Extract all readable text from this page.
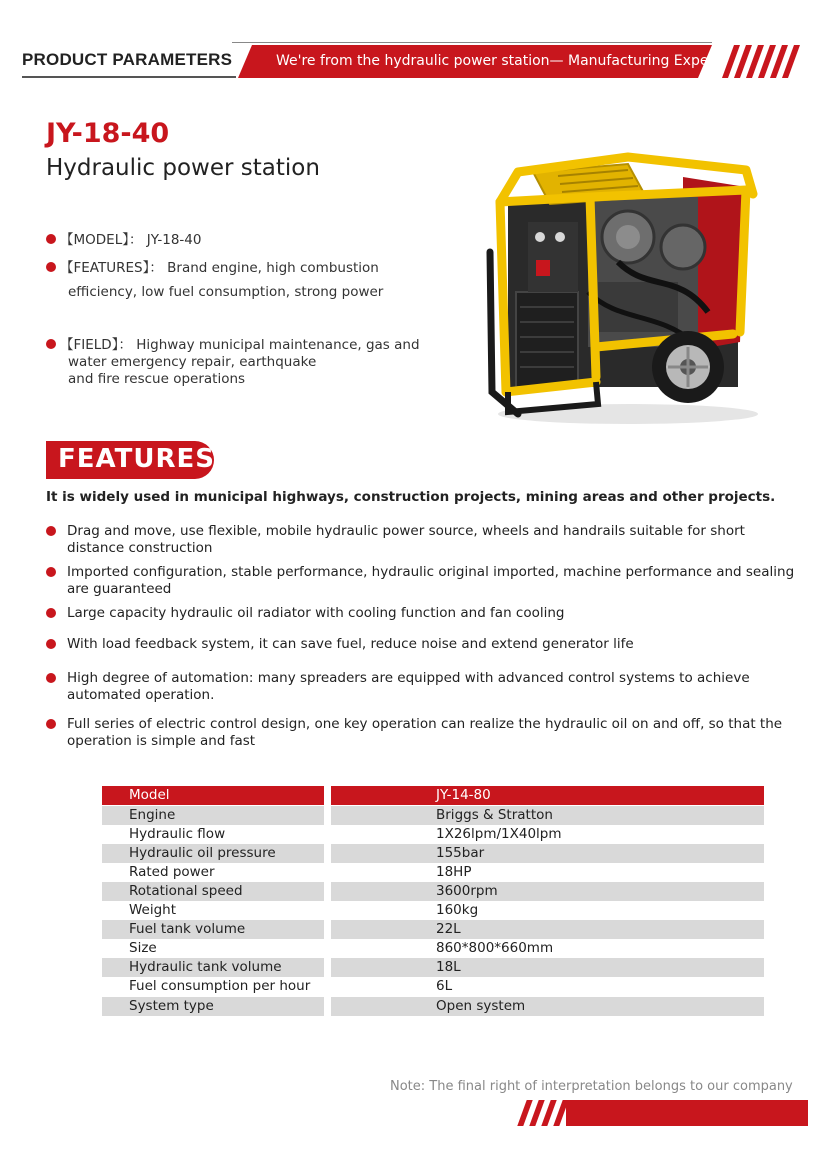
PRODUCT PARAMETERS	We're from the hydraulic power station— Manufacturing Expert
JY-18-40
Hydraulic power station
【MODEL】： JY-18-40
【FEATURES】： Brand engine, high combustion
efficiency, low fuel consumption, strong power
【FIELD】： Highway municipal maintenance, gas and
water emergency repair, earthquake
and fire rescue operations
FEATURES
It is widely used in municipal highways, construction projects, mining areas and other projects.
Drag and move, use flexible, mobile hydraulic power source, wheels and handrails suitable for short distance construction
Imported configuration, stable performance, hydraulic original imported, machine performance and sealing are guaranteed
Large capacity hydraulic oil radiator with cooling function and fan cooling
With load feedback system, it can save fuel, reduce noise and extend generator life
High degree of automation: many spreaders are equipped with advanced control systems to achieve automated operation.
Full series of electric control design, one key operation can realize the hydraulic oil on and off, so that the operation is simple and fast
Model	JY-14-80
Engine	Briggs & Stratton
Hydraulic flow	1X26lpm/1X40lpm
Hydraulic oil pressure	155bar
Rated power	18HP
Rotational speed	3600rpm
Weight	160kg
Fuel tank volume	22L
Size	860*800*660mm
Hydraulic tank volume	18L
Fuel consumption per hour	6L
System type	Open system
Note: The final right of interpretation belongs to our company
